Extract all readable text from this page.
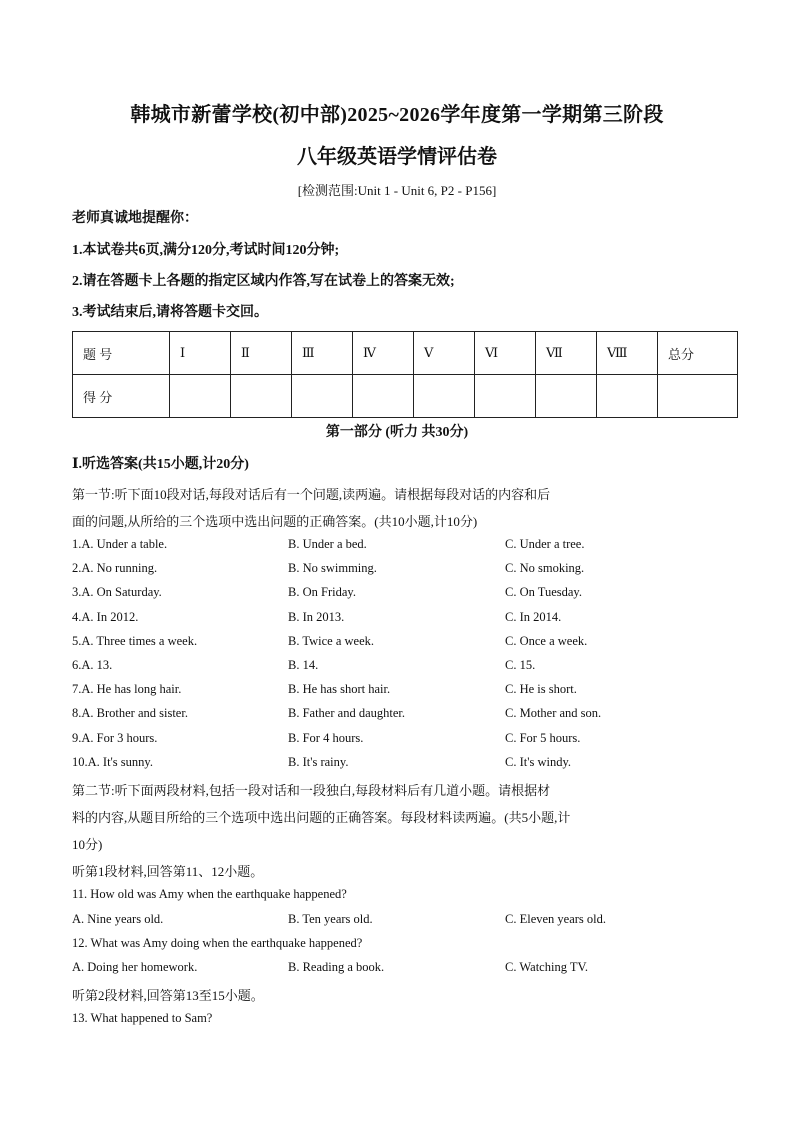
韩城市新蕾学校(初中部)2025~2026学年度第一学期第三阶段
八年级英语学情评估卷
[检测范围:Unit 1 - Unit 6, P2 - P156]
老师真诚地提醒你：
1.本试卷共6页,满分120分,考试时间120分钟;
2.请在答题卡上各题的指定区域内作答,写在试卷上的答案无效;
3.考试结束后,请将答题卡交回。
题 号	Ⅰ	Ⅱ	Ⅲ	Ⅳ	Ⅴ	Ⅵ	Ⅶ	Ⅷ	总分
得 分									
第一部分 (听力 共30分)
Ⅰ.听选答案(共15小题,计20分)
第一节:听下面10段对话,每段对话后有一个问题,读两遍。请根据每段对话的内容和后
面的问题,从所给的三个选项中选出问题的正确答案。(共10小题,计10分)
1.A. Under a table.	B. Under a bed.	C. Under a tree.
2.A. No running.	B. No swimming.	C. No smoking.
3.A. On Saturday.	B. On Friday.	C. On Tuesday.
4.A. In 2012.	B. In 2013.	C. In 2014.
5.A. Three times a week.	B. Twice a week.	C. Once a week.
6.A. 13.	B. 14.	C. 15.
7.A. He has long hair.	B. He has short hair.	C. He is short.
8.A. Brother and sister.	B. Father and daughter.	C. Mother and son.
9.A. For 3 hours.	B. For 4 hours.	C. For 5 hours.
10.A. It's sunny.	B. It's rainy.	C. It's windy.
第二节:听下面两段材料,包括一段对话和一段独白,每段材料后有几道小题。请根据材
料的内容,从题目所给的三个选项中选出问题的正确答案。每段材料读两遍。(共5小题,计
10分)
听第1段材料,回答第11、12小题。
11. How old was Amy when the earthquake happened?
A. Nine years old.	B. Ten years old.	C. Eleven years old.
12. What was Amy doing when the earthquake happened?
A. Doing her homework.	B. Reading a book.	C. Watching TV.
听第2段材料,回答第13至15小题。
13. What happened to Sam?
